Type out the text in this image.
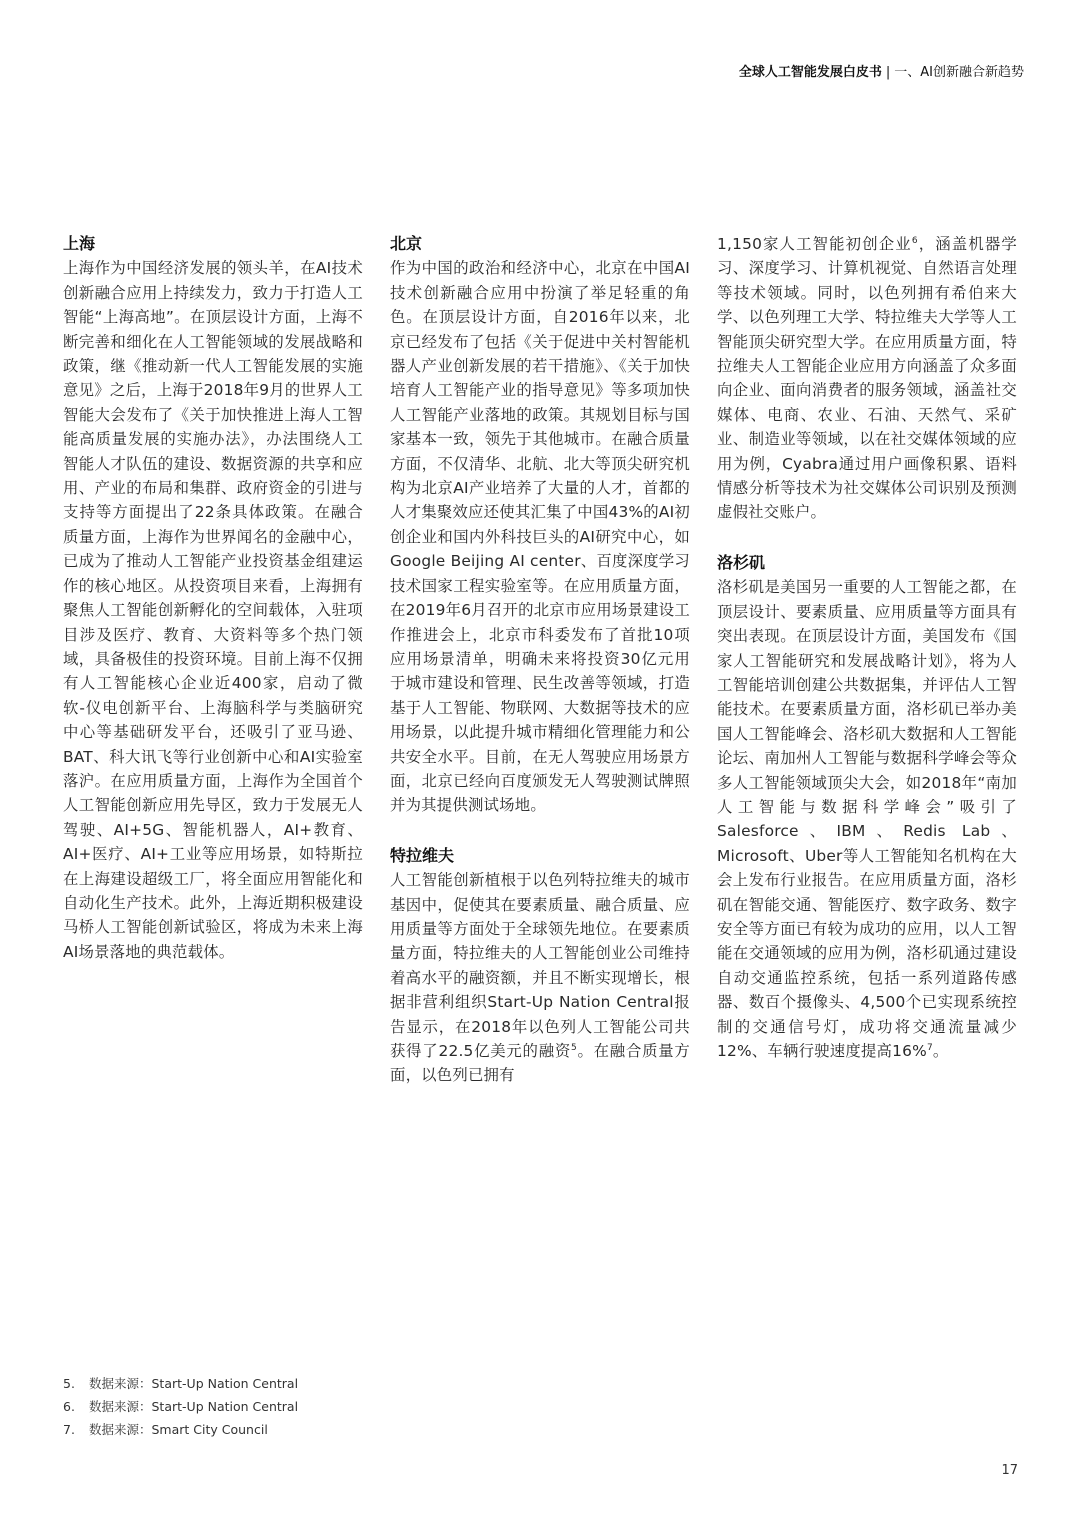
全球人工智能发展白皮书 | 一、AI创新融合新趋势

上海

上海作为中国经济发展的领头羊，在AI技术创新融合应用上持续发力，致力于打造人工智能“上海高地”。在顶层设计方面，上海不断完善和细化在人工智能领域的发展战略和政策，继《推动新一代人工智能发展的实施意见》之后，上海于2018年9月的世界人工智能大会发布了《关于加快推进上海人工智能高质量发展的实施办法》，办法围绕人工智能人才队伍的建设、数据资源的共享和应用、产业的布局和集群、政府资金的引进与支持等方面提出了22条具体政策。在融合质量方面，上海作为世界闻名的金融中心，已成为了推动人工智能产业投资基金组建运作的核心地区。从投资项目来看，上海拥有聚焦人工智能创新孵化的空间载体，入驻项目涉及医疗、教育、大资料等多个热门领域，具备极佳的投资环境。目前上海不仅拥有人工智能核心企业近400家，启动了微软-仪电创新平台、上海脑科学与类脑研究中心等基础研发平台，还吸引了亚马逊、BAT、科大讯飞等行业创新中心和AI实验室落沪。在应用质量方面，上海作为全国首个人工智能创新应用先导区，致力于发展无人驾驶、AI+5G、智能机器人，AI+教育、AI+医疗、AI+工业等应用场景，如特斯拉在上海建设超级工厂，将全面应用智能化和自动化生产技术。此外，上海近期积极建设马桥人工智能创新试验区，将成为未来上海AI场景落地的典范载体。

北京

作为中国的政治和经济中心，北京在中国AI技术创新融合应用中扮演了举足轻重的角色。在顶层设计方面，自2016年以来，北京已经发布了包括《关于促进中关村智能机器人产业创新发展的若干措施》、《关于加快培育人工智能产业的指导意见》等多项加快人工智能产业落地的政策。其规划目标与国家基本一致，领先于其他城市。在融合质量方面，不仅清华、北航、北大等顶尖研究机构为北京AI产业培养了大量的人才，首都的人才集聚效应还使其汇集了中国43%的AI初创企业和国内外科技巨头的AI研究中心，如Google Beijing AI center、百度深度学习技术国家工程实验室等。在应用质量方面，在2019年6月召开的北京市应用场景建设工作推进会上，北京市科委发布了首批10项应用场景清单，明确未来将投资30亿元用于城市建设和管理、民生改善等领域，打造基于人工智能、物联网、大数据等技术的应用场景，以此提升城市精细化管理能力和公共安全水平。目前，在无人驾驶应用场景方面，北京已经向百度颁发无人驾驶测试牌照并为其提供测试场地。

特拉维夫

人工智能创新植根于以色列特拉维夫的城市基因中，促使其在要素质量、融合质量、应用质量等方面处于全球领先地位。在要素质量方面，特拉维夫的人工智能创业公司维持着高水平的融资额，并且不断实现增长，根据非营利组织Start-Up Nation Central报告显示，在2018年以色列人工智能公司共获得了22.5亿美元的融资$^5$。在融合质量方面，以色列已拥有

1,150家人工智能初创企业$^6$，涵盖机器学习、深度学习、计算机视觉、自然语言处理等技术领域。同时，以色列拥有希伯来大学、以色列理工大学、特拉维夫大学等人工智能顶尖研究型大学。在应用质量方面，特拉维夫人工智能企业应用方向涵盖了众多面向企业、面向消费者的服务领域，涵盖社交媒体、电商、农业、石油、天然气、采矿业、制造业等领域，以在社交媒体领域的应用为例，Cyabra通过用户画像积累、语料情感分析等技术为社交媒体公司识别及预测虚假社交账户。

洛杉矶

洛杉矶是美国另一重要的人工智能之都，在顶层设计、要素质量、应用质量等方面具有突出表现。在顶层设计方面，美国发布《国家人工智能研究和发展战略计划》，将为人工智能培训创建公共数据集，并评估人工智能技术。在要素质量方面，洛杉矶已举办美国人工智能峰会、洛杉矶大数据和人工智能论坛、南加州人工智能与数据科学峰会等众多人工智能领域顶尖大会，如2018年“南加人工智能与数据科学峰会”吸引了Salesforce、IBM、Redis Lab、Microsoft、Uber等人工智能知名机构在大会上发布行业报告。在应用质量方面，洛杉矶在智能交通、智能医疗、数字政务、数字安全等方面已有较为成功的应用，以人工智能在交通领域的应用为例，洛杉矶通过建设自动交通监控系统，包括一系列道路传感器、数百个摄像头、4,500个已实现系统控制的交通信号灯，成功将交通流量减少12%、车辆行驶速度提高16%$^7$。

5. 数据来源：Start-Up Nation Central
6. 数据来源：Start-Up Nation Central
7. 数据来源：Smart City Council
17
